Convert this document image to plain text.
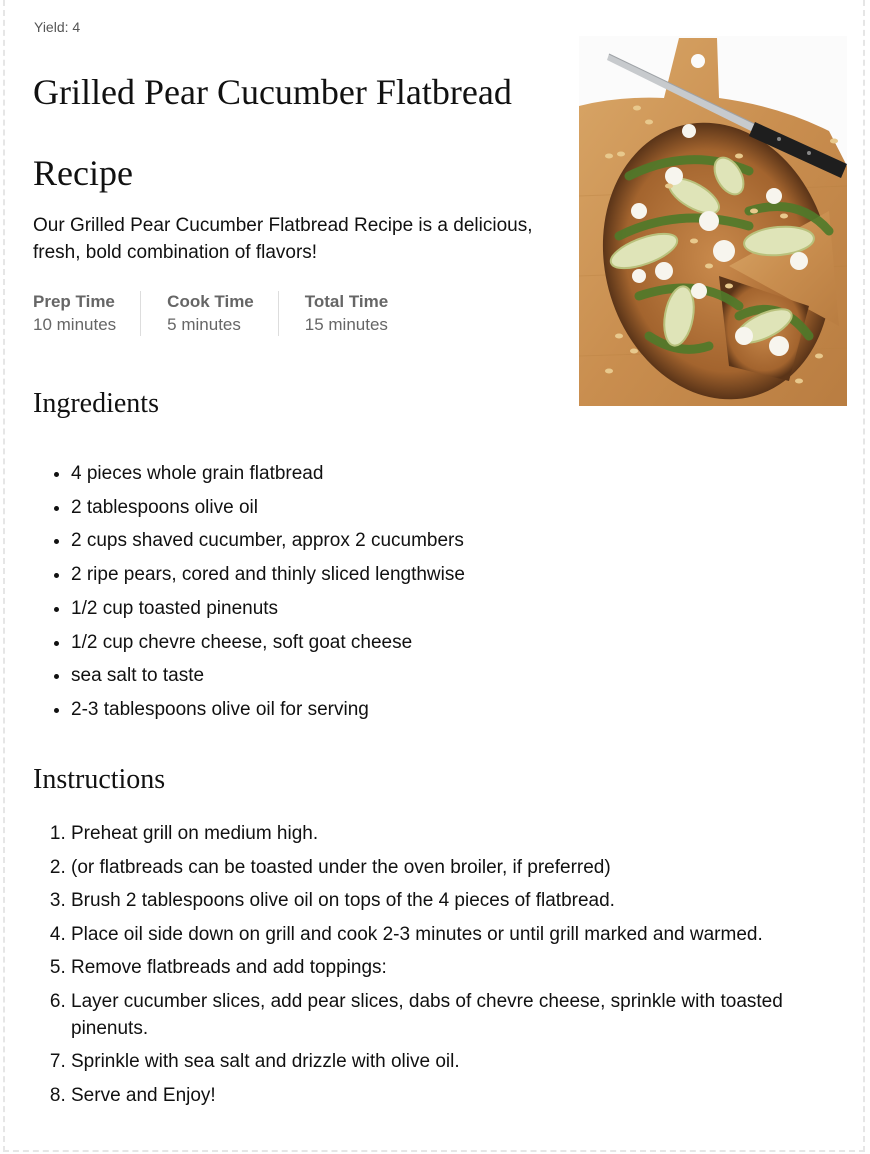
Yield: 4

Grilled Pear Cucumber Flatbread Recipe

Our Grilled Pear Cucumber Flatbread Recipe is a delicious, fresh, bold combination of flavors!

Prep Time
10 minutes
Cook Time
5 minutes
Total Time
15 minutes
Ingredients
• 4 pieces whole grain flatbread
• 2 tablespoons olive oil
• 2 cups shaved cucumber, approx 2 cucumbers
• 2 ripe pears, cored and thinly sliced lengthwise
• 1/2 cup toasted pinenuts
• 1/2 cup chevre cheese, soft goat cheese
• sea salt to taste
• 2-3 tablespoons olive oil for serving
Instructions
1. Preheat grill on medium high.
2. (or flatbreads can be toasted under the oven broiler, if preferred)
3. Brush 2 tablespoons olive oil on tops of the 4 pieces of flatbread.
4. Place oil side down on grill and cook 2-3 minutes or until grill marked and warmed.
5. Remove flatbreads and add toppings:
6. Layer cucumber slices, add pear slices, dabs of chevre cheese, sprinkle with toasted pinenuts.
7. Sprinkle with sea salt and drizzle with olive oil.
8. Serve and Enjoy!
